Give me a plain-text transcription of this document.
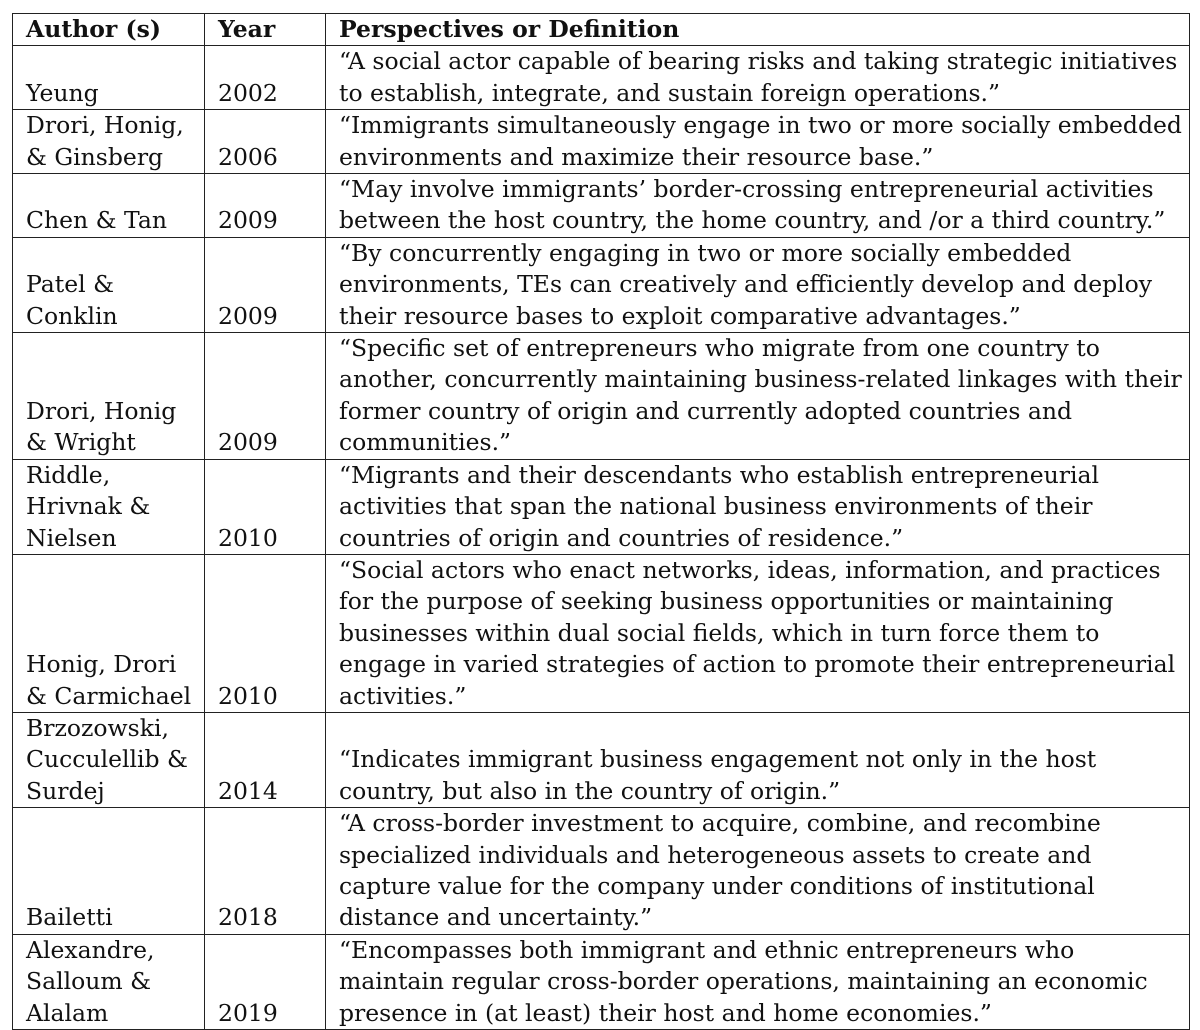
Author (s)	Year	Perspectives or Definition
Yeung	2002	“A social actor capable of bearing risks and taking strategic initiatives to establish, integrate, and sustain foreign operations.”
Drori, Honig, & Ginsberg	2006	“Immigrants simultaneously engage in two or more socially embedded environments and maximize their resource base.”
Chen & Tan	2009	“May involve immigrants’ border-crossing entrepreneurial activities between the host country, the home country, and /or a third country.”
Patel & Conklin	2009	“By concurrently engaging in two or more socially embedded environments, TEs can creatively and efficiently develop and deploy their resource bases to exploit comparative advantages.”
Drori, Honig & Wright	2009	“Specific set of entrepreneurs who migrate from one country to another, concurrently maintaining business-related linkages with their former country of origin and currently adopted countries and communities.”
Riddle, Hrivnak & Nielsen	2010	“Migrants and their descendants who establish entrepreneurial activities that span the national business environments of their countries of origin and countries of residence.”
Honig, Drori & Carmichael	2010	“Social actors who enact networks, ideas, information, and practices for the purpose of seeking business opportunities or maintaining businesses within dual social fields, which in turn force them to engage in varied strategies of action to promote their entrepreneurial activities.”
Brzozowski, Cucculellib & Surdej	2014	“Indicates immigrant business engagement not only in the host country, but also in the country of origin.”
Bailetti	2018	“A cross-border investment to acquire, combine, and recombine specialized individuals and heterogeneous assets to create and capture value for the company under conditions of institutional distance and uncertainty.”
Alexandre, Salloum & Alalam	2019	“Encompasses both immigrant and ethnic entrepreneurs who maintain regular cross-border operations, maintaining an economic presence in (at least) their host and home economies.”
